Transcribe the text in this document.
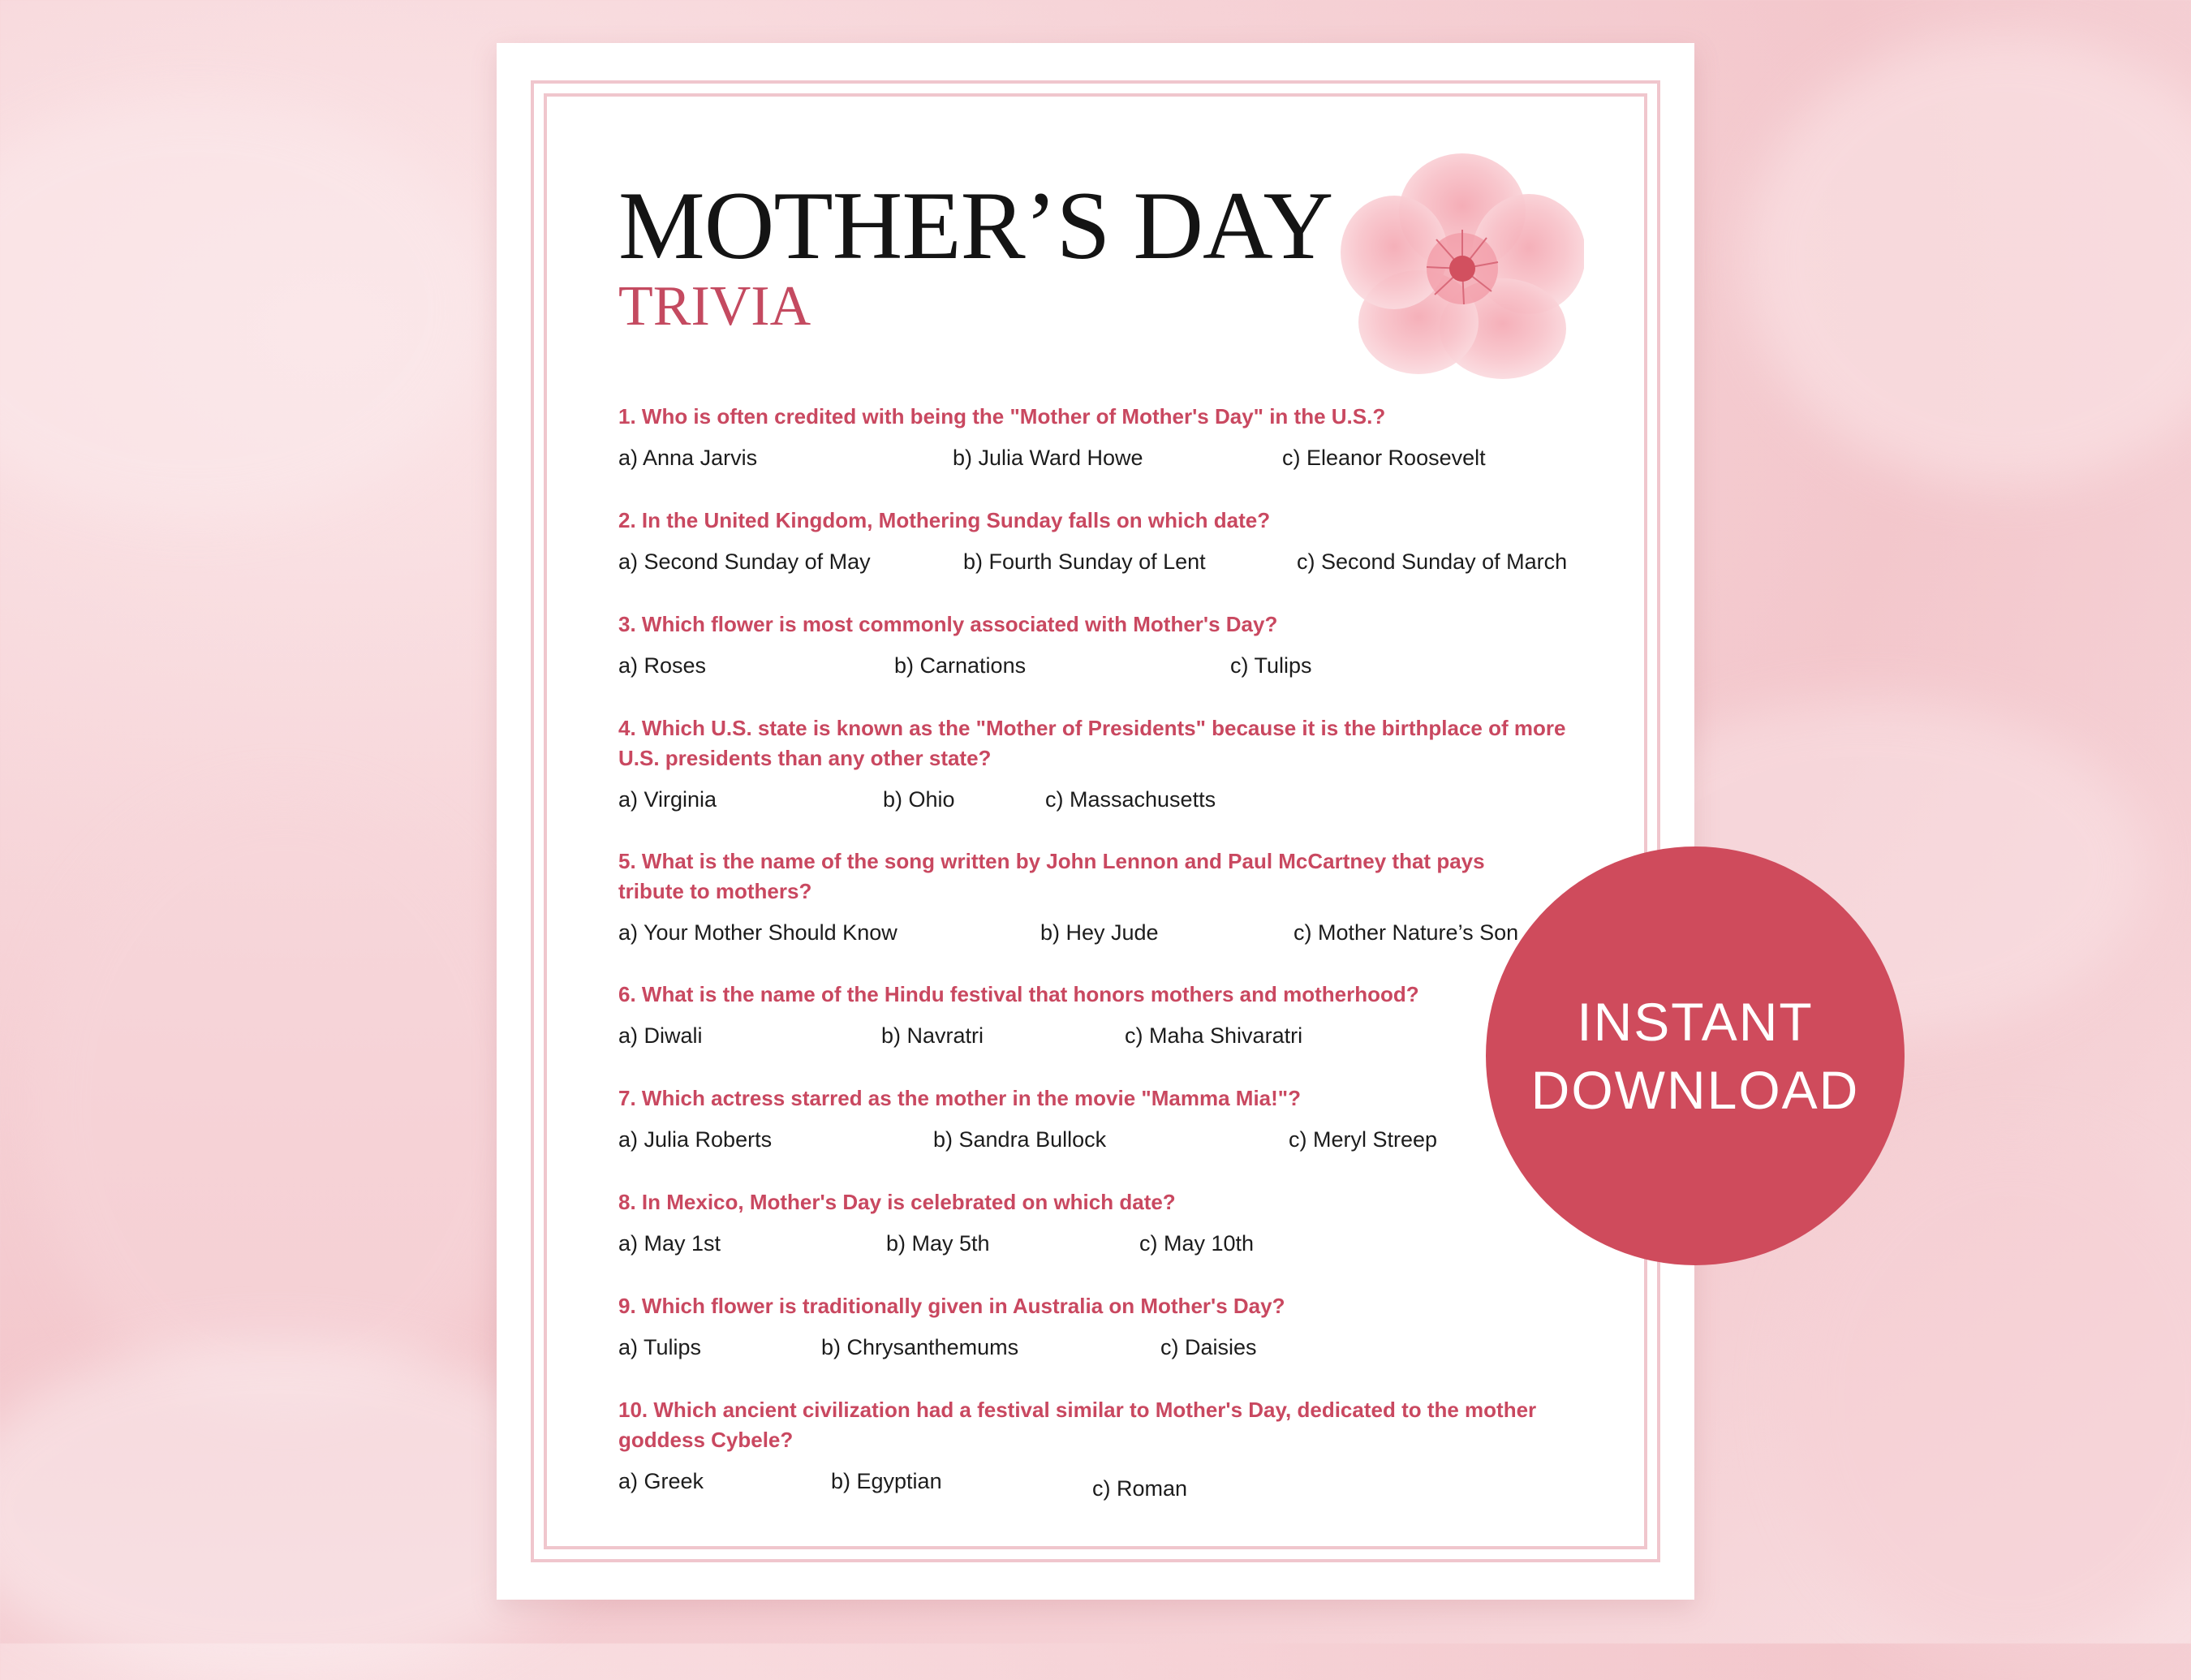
MOTHER’S DAY
TRIVIA
1. Who is often credited with being the "Mother of Mother's Day" in the U.S.?
a) Anna Jarvis	b) Julia Ward Howe	c) Eleanor Roosevelt
2. In the United Kingdom, Mothering Sunday falls on which date?
a) Second Sunday of May	b) Fourth Sunday of Lent	c) Second Sunday of March
3. Which flower is most commonly associated with Mother's Day?
a) Roses	b) Carnations	c) Tulips
4. Which U.S. state is known as the "Mother of Presidents" because it is the birthplace of more U.S. presidents than any other state?
a) Virginia	b) Ohio	c) Massachusetts
5. What is the name of the song written by John Lennon and Paul McCartney that pays tribute to mothers?
a) Your Mother Should Know	b) Hey Jude	c) Mother Nature’s Son
6. What is the name of the Hindu festival that honors mothers and motherhood?
a) Diwali	b) Navratri	c) Maha Shivaratri
7. Which actress starred as the mother in the movie "Mamma Mia!"?
a) Julia Roberts	b) Sandra Bullock	c) Meryl Streep
8. In Mexico, Mother's Day is celebrated on which date?
a) May 1st	b) May 5th	c) May 10th
9. Which flower is traditionally given in Australia on Mother's Day?
a) Tulips	b) Chrysanthemums	c) Daisies
10. Which ancient civilization had a festival similar to Mother's Day, dedicated to the mother goddess Cybele?
a) Greek	b) Egyptian	c) Roman
INSTANT
DOWNLOAD
